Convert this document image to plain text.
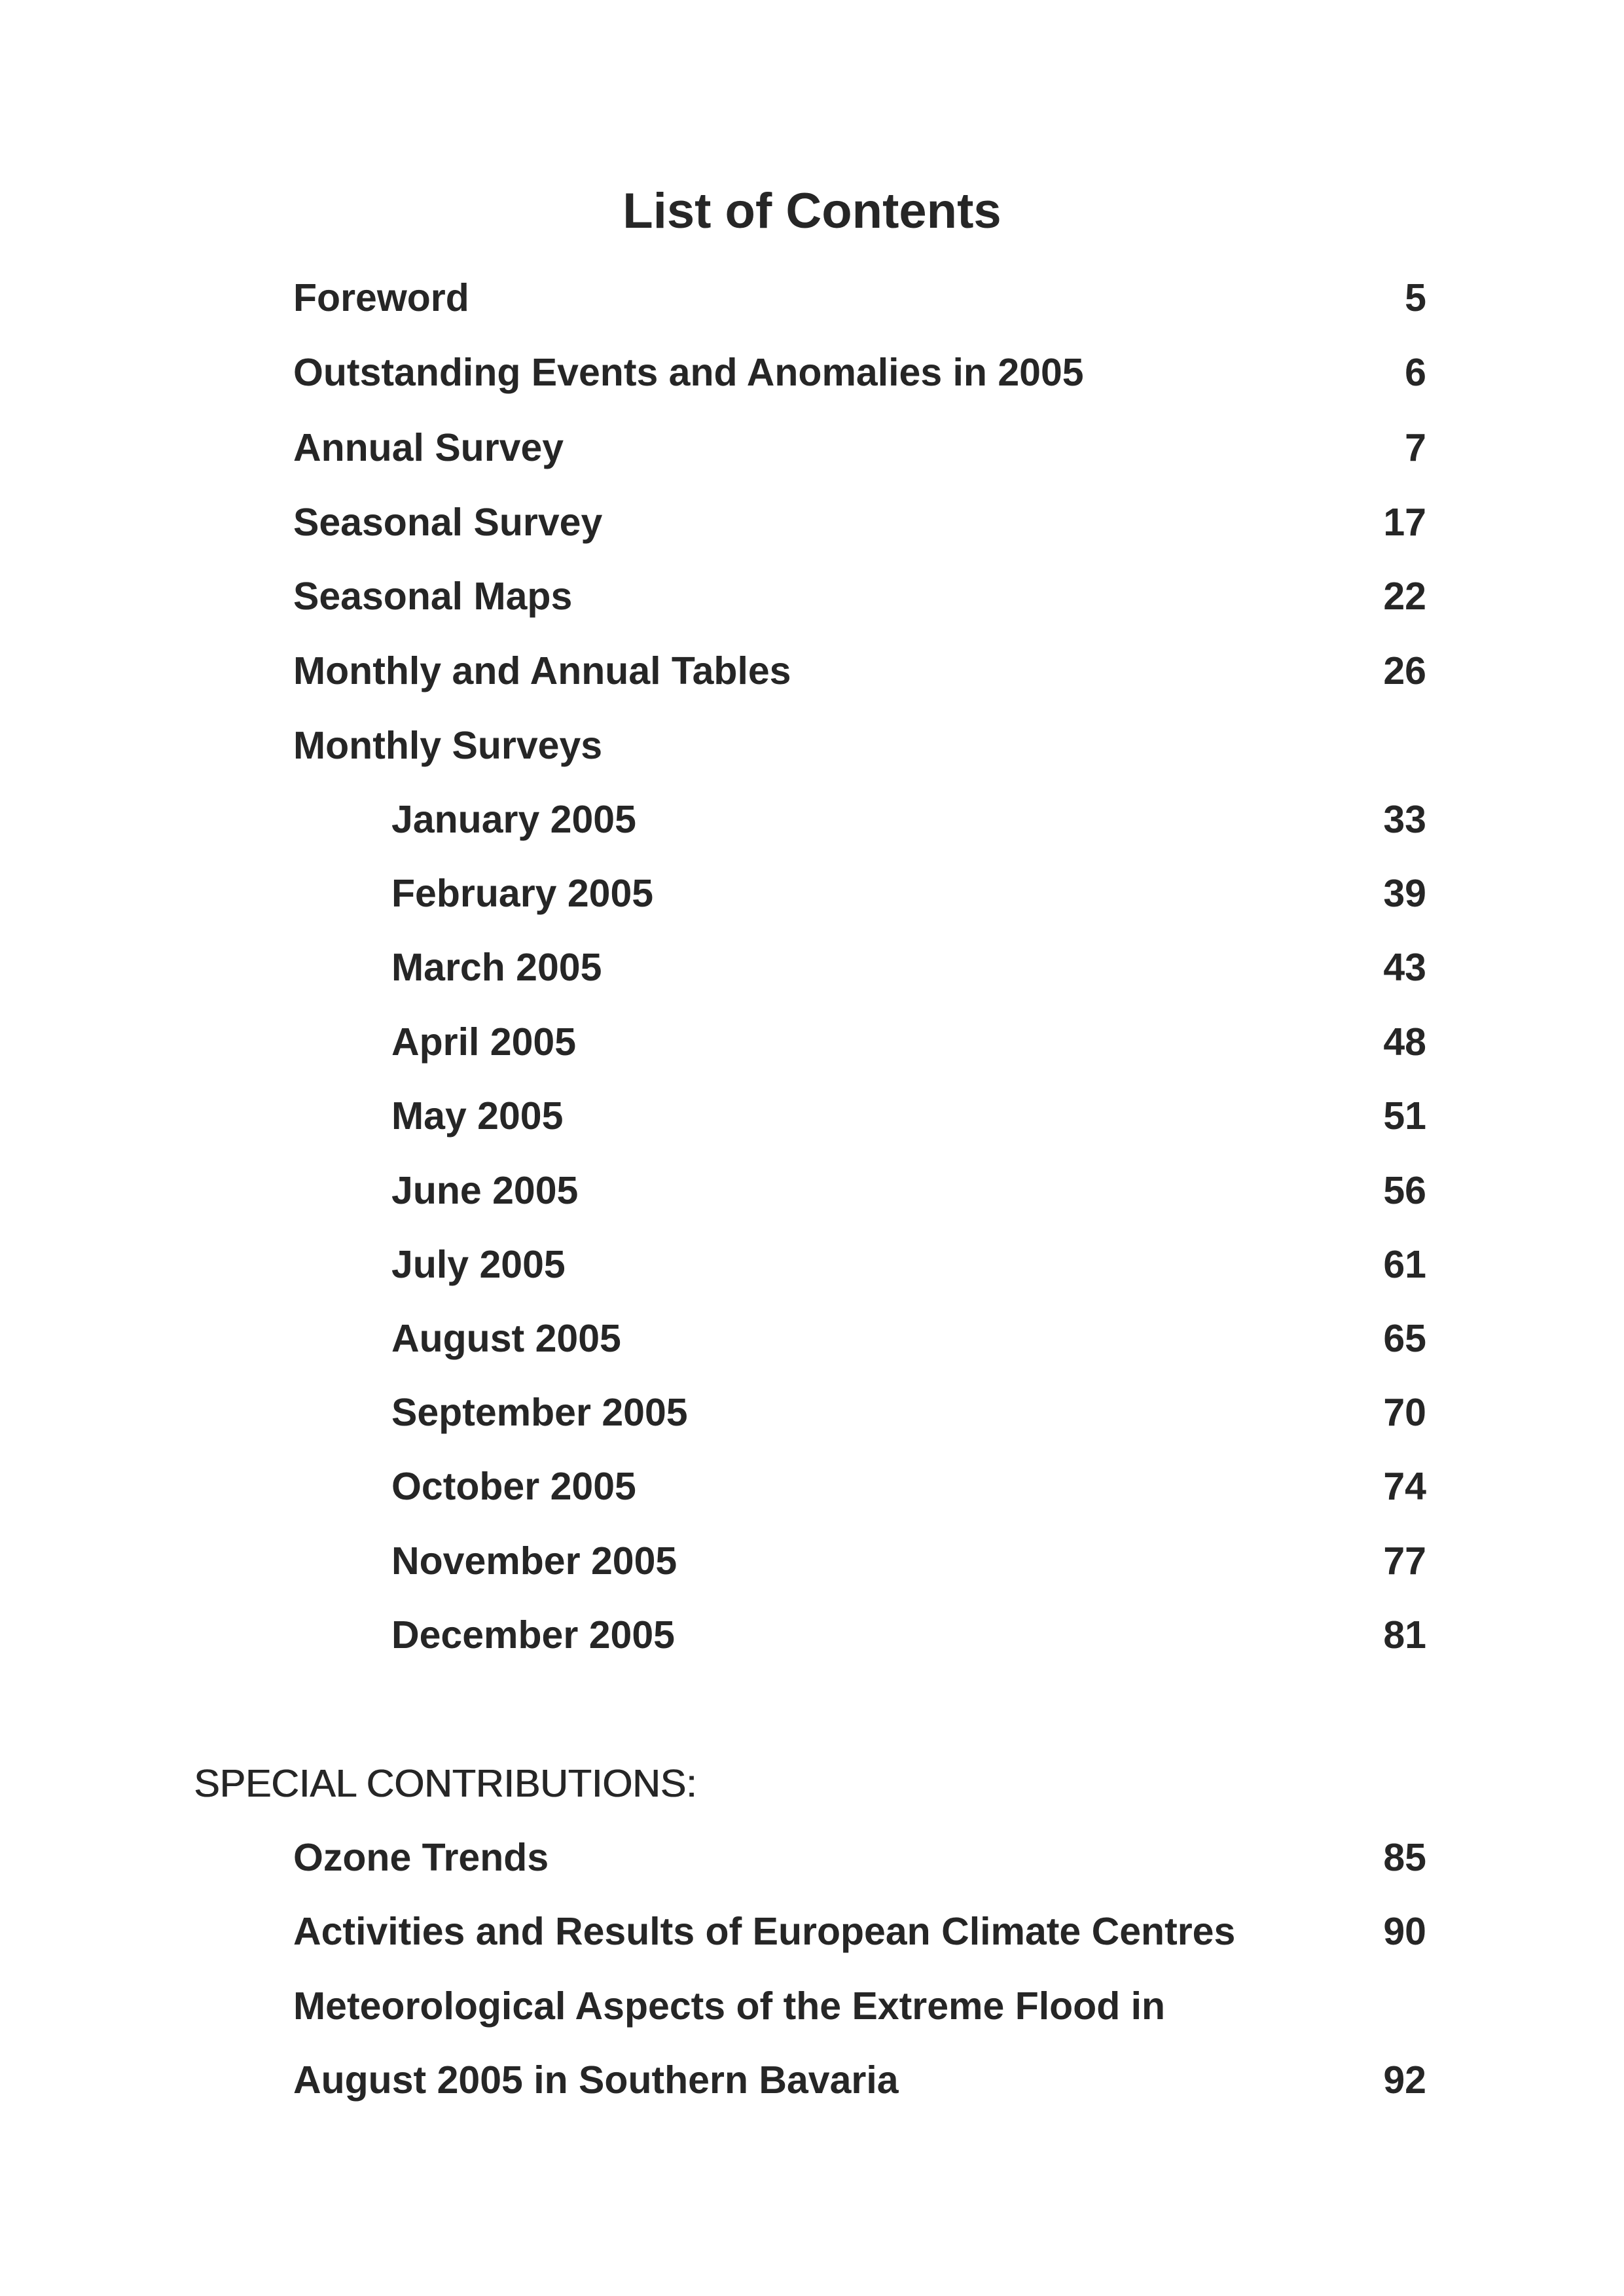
List of Contents
Foreword	5
Outstanding Events and Anomalies in 2005	6
Annual Survey	7
Seasonal Survey	17
Seasonal Maps	22
Monthly and Annual Tables	26
Monthly Surveys
January 2005	33
February 2005	39
March 2005	43
April 2005	48
May 2005	51
June 2005	56
July 2005	61
August 2005	65
September 2005	70
October 2005	74
November 2005	77
December 2005	81
SPECIAL CONTRIBUTIONS:
Ozone Trends	85
Activities and Results of European Climate Centres	90
Meteorological Aspects of the Extreme Flood in
August 2005 in Southern Bavaria	92
